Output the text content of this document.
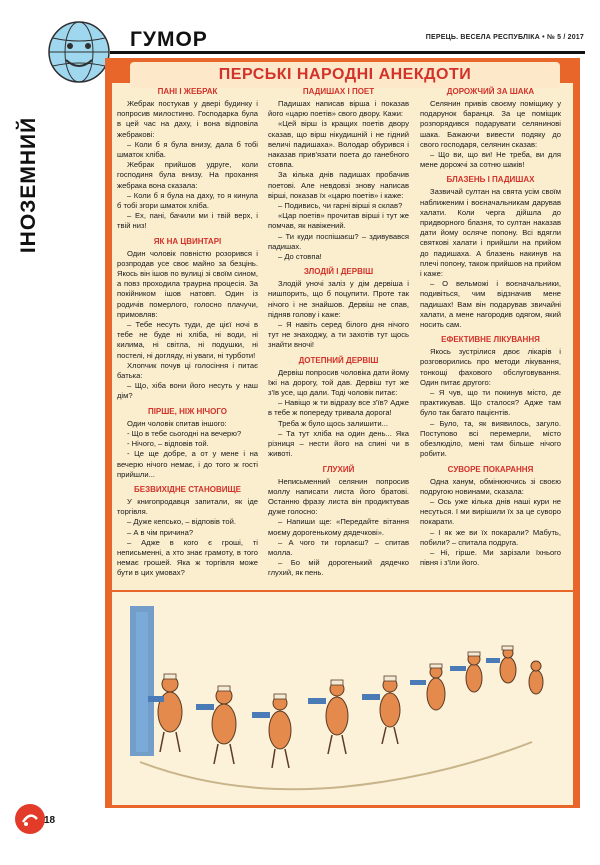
ГУМОР	ПЕРЕЦЬ. ВЕСЕЛА РЕСПУБЛІКА • № 5 / 2017
ІНОЗЕМНИЙ
ПЕРСЬКІ НАРОДНІ АНЕКДОТИ
ПАНІ І ЖЕБРАК

Жебрак постукав у двері будинку і попросив милостиню. Господарка була в цей час на даху, і вона відповіла жебракові:

– Коли б я була внизу, дала б тобі шматок хліба.

Жебрак прийшов удруге, коли господиня була внизу. На прохання жебрака вона сказала:

– Коли б я була на даху, то я кинула б тобі згори шматок хліба.

– Ех, пані, бачили ми і твій верх, і твій низ!

ЯК НА ЦВИНТАРІ

Один чоловік повністю розорився і розпродав усе своє майно за безцінь. Якось він ішов по вулиці зі своїм сином, а повз проходила траурна процесія. За покійником ішов натовп. Один із родичів померлого, голосно плачучи, примовляв:

– Тебе несуть туди, де цієї ночі в тебе не буде ні хліба, ні води, ні килима, ні світла, ні подушки, ні постелі, ні догляду, ні уваги, ні турботи!

Хлопчик почув ці голосіння і питає батька:

– Що, хіба вони його несуть у наш дім?

ПІРШЕ, НІЖ НІЧОГО

Один чоловік спитав іншого:

- Що в тебе сьогодні на вечерю?

- Нічого, – відповів той.

- Це ще добре, а от у мене і на вечерю нічого немає, і до того ж гості прийшли...

БЕЗВИХІДНЕ СТАНОВИЩЕ

У книгопродавця запитали, як іде торгівля.

– Дуже кепсько, – відповів той.

– А в чім причина?

– Адже в кого є гроші, ті неписьменні, а хто знає грамоту, в того немає грошей. Яка ж торгівля може бути в цих умовах?

ПАДИШАХ І ПОЕТ

Падишах написав вірша і показав його «царю поетів» свого двору. Кажи:

«Цей вірш із кращих поетів двору сказав, що вірш нікудишній і не гідний величі падишаха». Володар обурився і наказав прив'язати поета до ганебного стовпа.

За кілька днів падишах пробачив поетові. Але невдовзі знову написав вірші, показав їх «царю поетів» і каже:

– Подивись, чи гарні вірші я склав?

«Цар поетів» прочитав вірші і тут же помчав, як навіжений.

– Ти куди поспішаєш? – здивувався падишах.

– До стовпа!

ЗЛОДІЙ І ДЕРВІШ

Злодій уночі заліз у дім дервіша і нишпорить, що б поцупити. Проте так нічого і не знайшов. Дервіш не спав, підняв голову і каже:

– Я навіть серед білого дня нічого тут не знаходжу, а ти захотів тут щось знайти вночі!

ДОТЕПНИЙ ДЕРВІШ

Дервіш попросив чоловіка дати йому їжі на дорогу, той дав. Дервіш тут же з'їв усе, що дали. Тоді чоловік питає:

– Навіщо ж ти відразу все з'їв? Адже в тебе ж попереду тривала дорога!

Треба ж було щось залишити...

– Та тут хліба на один день... Яка різниця – нести його на спині чи в животі.

ГЛУХИЙ

Неписьменний селянин попросив моллу написати листа його братові. Останню фразу листа він продиктував дуже голосно:

– Напиши ще: «Передайте вітання моєму дорогенькому дядечкові».

– А чого ти горлаєш? – спитав молла.

– Бо мій дорогенький дядечко глухий, як пень.

ДОРОЖЧИЙ ЗА ШАКА

Селянин привів своєму поміщику у подарунок баранця. За це поміщик розпорядився подарувати селянинові шака. Бажаючи вивести подяку до свого господаря, селянин сказав:

– Що ви, що ви! Не треба, ви для мене дорожчі за сотню шаків!

БЛАЗЕНЬ І ПАДИШАХ

Зазвичай султан на свята усім своїм наближеним і воєначальникам дарував халати. Коли черга дійшла до придворного блазня, то султан наказав дати йому осляче попону. Всі вдягли святкові халати і прийшли на прийом до падишаха. А блазень накинув на плечі попону, також прийшов на прийом і каже:

– О вельможі і воєначальники, подивіться, чим відзначив мене падишах! Вам він подарував звичайні халати, а мене нагородив одягом, який носить сам.

ЕФЕКТИВНЕ ЛІКУВАННЯ

Якось зустрілися двоє лікарів і розговорились про методи лікування, тонкощі фахового обслуговування. Один питає другого:

– Я чув, що ти покинув місто, де практикував. Що сталося? Адже там було так багато пацієнтів.

– Було, та, як виявилось, загуло. Поступово всі перемерли, місто обезлюділо, мені там більше нічого робити.

СУВОРЕ ПОКАРАННЯ

Одна ханум, обмінюючись зі своєю подругою новинами, сказала:

– Ось уже кілька днів наші кури не несуться. І ми вирішили їх за це суворо покарати.

– І як же ви їх покарали? Мабуть, побили? – спитала подруга.

– Ні, гірше. Ми зарізали їхнього півня і з'їли його.

18
